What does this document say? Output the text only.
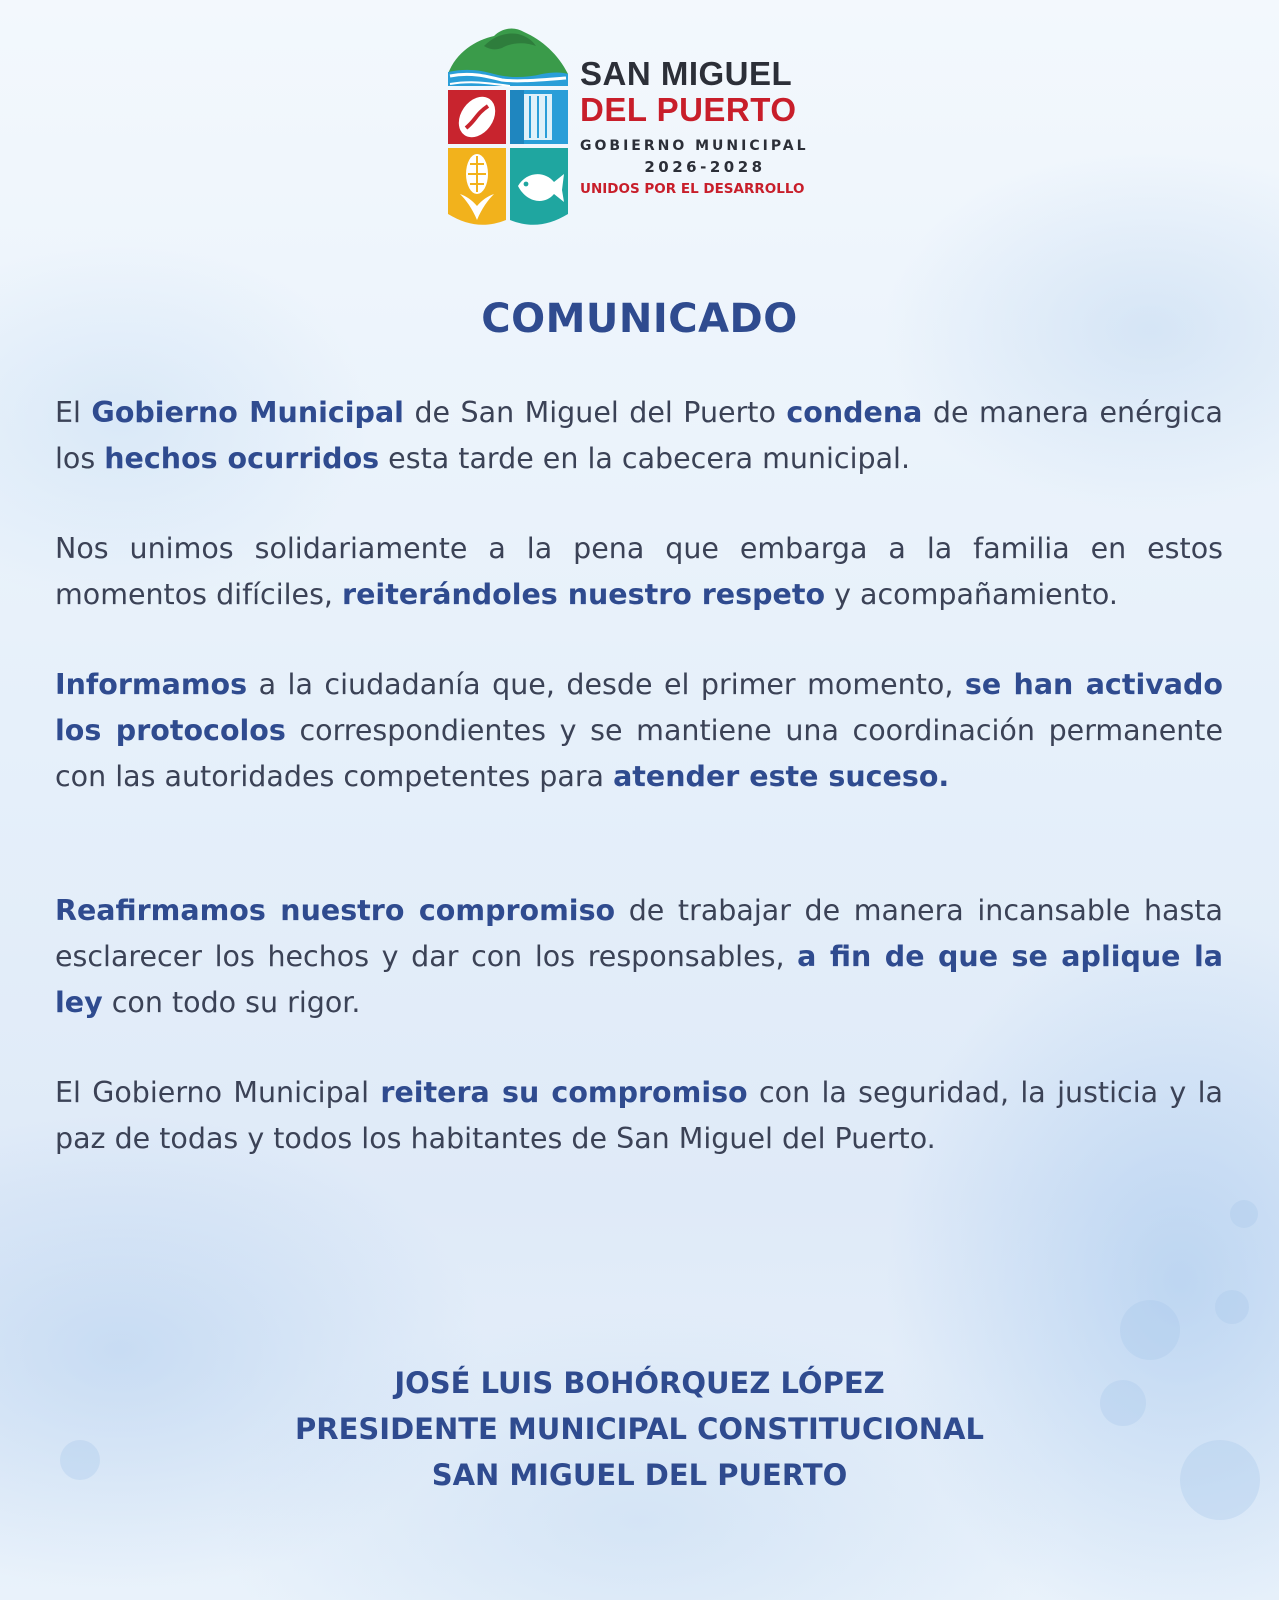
SAN MIGUEL
DEL PUERTO
GOBIERNO MUNICIPAL
2026-2028
UNIDOS POR EL DESARROLLO
COMUNICADO

El Gobierno Municipal de San Miguel del Puerto condena de manera enérgica los hechos ocurridos esta tarde en la cabecera municipal.

Nos unimos solidariamente a la pena que embarga a la familia en estos momentos difíciles, reiterándoles nuestro respeto y acompañamiento.

Informamos a la ciudadanía que, desde el primer momento, se han activado los protocolos correspondientes y se mantiene una coordinación permanente con las autoridades competentes para atender este suceso.

Reafirmamos nuestro compromiso de trabajar de manera incansable hasta esclarecer los hechos y dar con los responsables, a fin de que se aplique la ley con todo su rigor.

El Gobierno Municipal reitera su compromiso con la seguridad, la justicia y la paz de todas y todos los habitantes de San Miguel del Puerto.

JOSÉ LUIS BOHÓRQUEZ LÓPEZ
PRESIDENTE MUNICIPAL CONSTITUCIONAL
SAN MIGUEL DEL PUERTO
